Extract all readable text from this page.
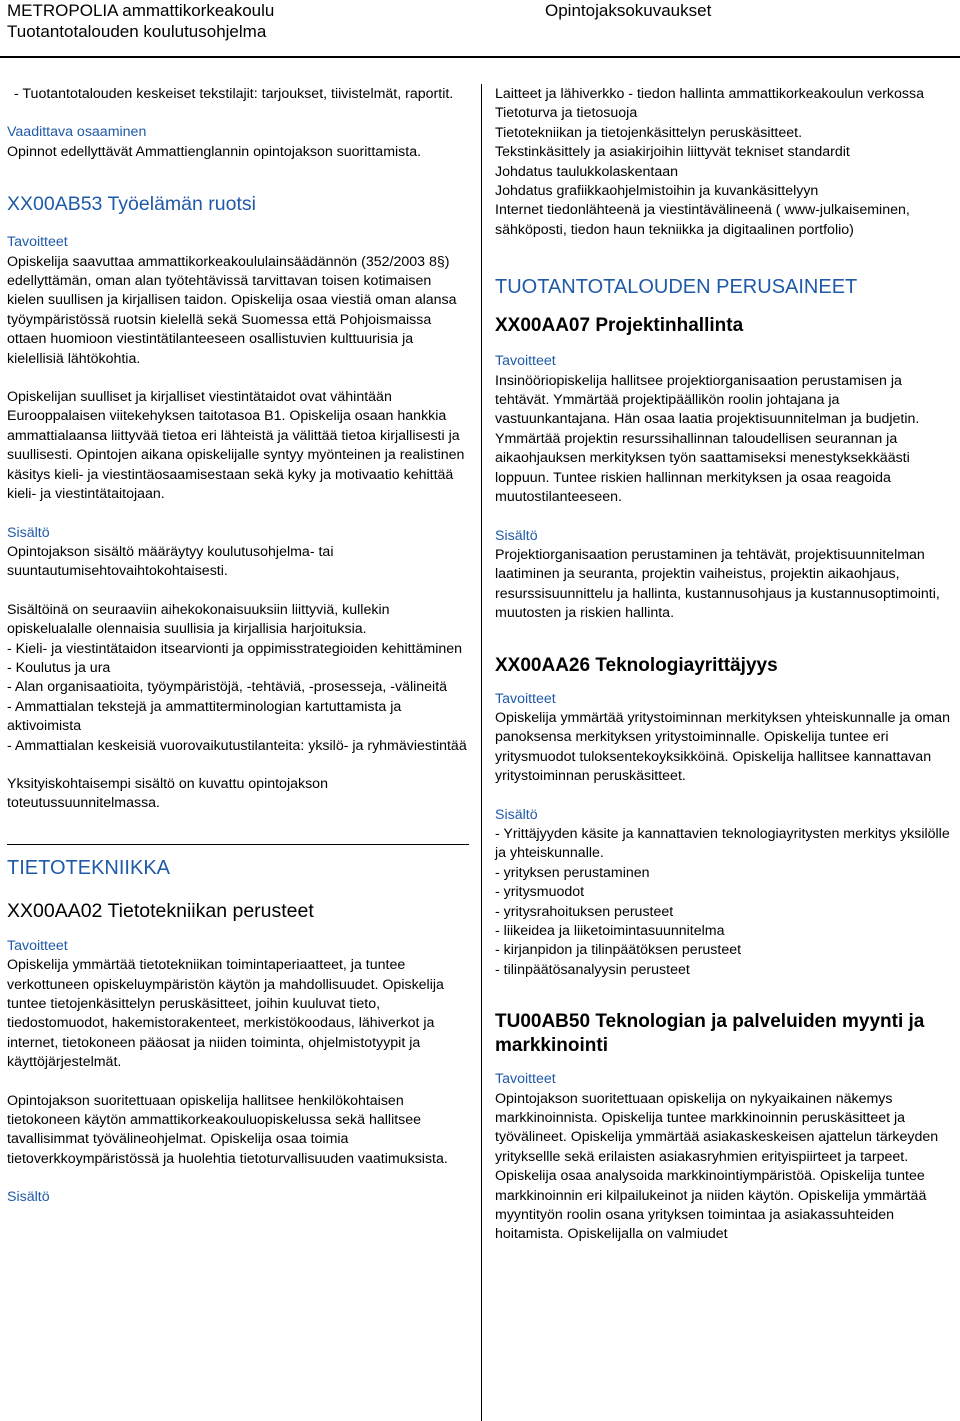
METROPOLIA ammattikorkeakoulu
Tuotantotalouden koulutusohjelma
Opintojaksokuvaukset

- Tuotantotalouden keskeiset tekstilajit: tarjoukset, tiivistelmät, raportit.

Vaadittava osaaminen

Opinnot edellyttävät Ammattienglannin opintojakson suorittamista.

XX00AB53 Työelämän ruotsi

Tavoitteet

Opiskelija saavuttaa ammattikorkeakoululainsäädännön (352/2003 8§) edellyttämän, oman alan työtehtävissä tarvittavan toisen kotimaisen kielen suullisen ja kirjallisen taidon. Opiskelija osaa viestiä oman alansa työympäristössä ruotsin kielellä sekä Suomessa että Pohjoismaissa ottaen huomioon viestintätilanteeseen osallistuvien kulttuurisia ja kielellisiä lähtökohtia.

Opiskelijan suulliset ja kirjalliset viestintätaidot ovat vähintään Eurooppalaisen viitekehyksen taitotasoa B1. Opiskelija osaan hankkia ammattialaansa liittyvää tietoa eri lähteistä ja välittää tietoa kirjallisesti ja suullisesti. Opintojen aikana opiskelijalle syntyy myönteinen ja realistinen käsitys kieli- ja viestintäosaamisestaan sekä kyky ja motivaatio kehittää kieli- ja viestintätaitojaan.

Sisältö

Opintojakson sisältö määräytyy koulutusohjelma- tai suuntautumisehtovaihtokohtaisesti.

Sisältöinä on seuraaviin aihekokonaisuuksiin liittyviä, kullekin opiskelualalle olennaisia suullisia ja kirjallisia harjoituksia.

- Kieli- ja viestintätaidon itsearvionti ja oppimisstrategioiden kehittäminen

- Koulutus ja ura

- Alan organisaatioita, työympäristöjä, -tehtäviä, -prosesseja, -välineitä

- Ammattialan tekstejä ja ammattiterminologian kartuttamista ja aktivoimista

- Ammattialan keskeisiä vuorovaikutustilanteita: yksilö- ja ryhmäviestintää

Yksityiskohtaisempi sisältö on kuvattu opintojakson toteutussuunnitelmassa.

TIETOTEKNIIKKA

XX00AA02 Tietotekniikan perusteet

Tavoitteet

Opiskelija ymmärtää tietotekniikan toimintaperiaatteet, ja tuntee verkottuneen opiskeluympäristön käytön ja mahdollisuudet. Opiskelija tuntee tietojenkäsittelyn peruskäsitteet, joihin kuuluvat tieto, tiedostomuodot, hakemistorakenteet, merkistökoodaus, lähiverkot ja internet, tietokoneen pääosat ja niiden toiminta, ohjelmistotyypit ja käyttöjärjestelmät.

Opintojakson suoritettuaan opiskelija hallitsee henkilökohtaisen tietokoneen käytön ammattikorkeakouluopiskelussa sekä hallitsee tavallisimmat työvälineohjelmat. Opiskelija osaa toimia tietoverkkoympäristössä ja huolehtia tietoturvallisuuden vaatimuksista.

Sisältö

Laitteet ja lähiverkko - tiedon hallinta ammattikorkeakoulun verkossa

Tietoturva ja tietosuoja

Tietotekniikan ja tietojenkäsittelyn peruskäsitteet.

Tekstinkäsittely ja asiakirjoihin liittyvät tekniset standardit

Johdatus taulukkolaskentaan

Johdatus grafiikkaohjelmistoihin ja kuvankäsittelyyn

Internet tiedonlähteenä ja viestintävälineenä ( www-julkaiseminen, sähköposti, tiedon haun tekniikka ja digitaalinen portfolio)

TUOTANTOTALOUDEN PERUSAINEET

XX00AA07 Projektinhallinta

Tavoitteet

Insinööriopiskelija hallitsee projektiorganisaation perustamisen ja tehtävät. Ymmärtää projektipäällikön roolin johtajana ja vastuunkantajana. Hän osaa laatia projektisuunnitelman ja budjetin. Ymmärtää projektin resurssihallinnan taloudellisen seurannan ja aikaohjauksen merkityksen työn saattamiseksi menestyksekkäästi loppuun. Tuntee riskien hallinnan merkityksen ja osaa reagoida muutostilanteeseen.

Sisältö

Projektiorganisaation perustaminen ja tehtävät, projektisuunnitelman laatiminen ja seuranta, projektin vaiheistus, projektin aikaohjaus, resurssisuunnittelu ja hallinta, kustannusohjaus ja kustannusoptimointi, muutosten ja riskien hallinta.

XX00AA26 Teknologiayrittäjyys

Tavoitteet

Opiskelija ymmärtää yritystoiminnan merkityksen yhteiskunnalle ja oman panoksensa merkityksen yritystoiminnalle. Opiskelija tuntee eri yritysmuodot tuloksentekoyksikköinä. Opiskelija hallitsee kannattavan yritystoiminnan peruskäsitteet.

Sisältö

- Yrittäjyyden käsite ja kannattavien teknologiayritysten merkitys yksilölle ja yhteiskunnalle.

- yrityksen perustaminen

- yritysmuodot

- yritysrahoituksen perusteet

- liikeidea ja liiketoimintasuunnitelma

- kirjanpidon ja tilinpäätöksen perusteet

- tilinpäätösanalyysin perusteet

TU00AB50 Teknologian ja palveluiden myynti ja markkinointi

Tavoitteet

Opintojakson suoritettuaan opiskelija on nykyaikainen näkemys markkinoinnista. Opiskelija tuntee markkinoinnin peruskäsitteet ja työvälineet. Opiskelija ymmärtää asiakaskeskeisen ajattelun tärkeyden yrityksellle sekä erilaisten asiakasryhmien erityispiirteet ja tarpeet. Opiskelija osaa analysoida markkinointiympäristöä. Opiskelija tuntee markkinoinnin eri kilpailukeinot ja niiden käytön. Opiskelija ymmärtää myyntityön roolin osana yrityksen toimintaa ja asiakassuhteiden hoitamista. Opiskelijalla on valmiudet
